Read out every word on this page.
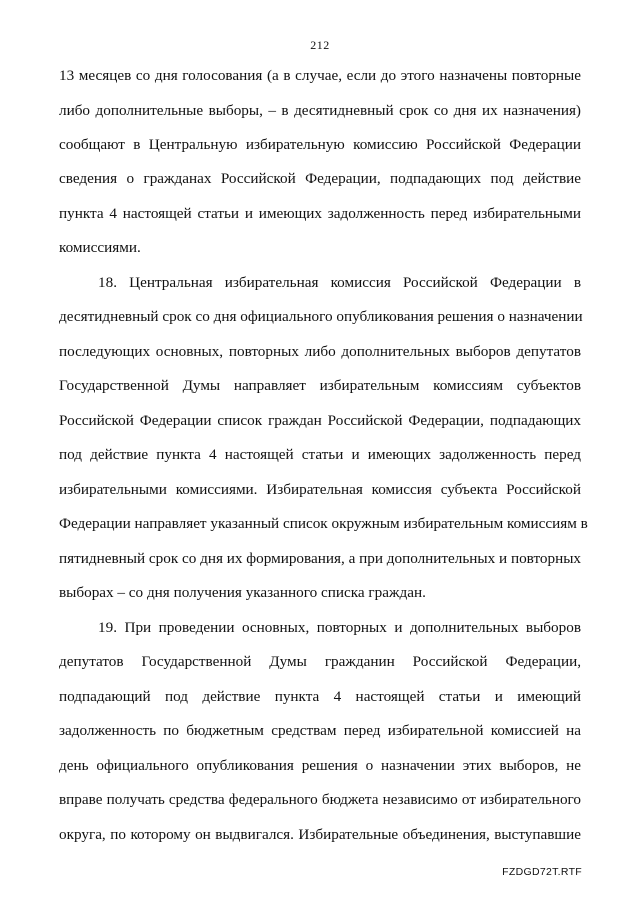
212
13 месяцев со дня голосования (а в случае, если до этого назначены повторные
либо дополнительные выборы, – в десятидневный срок со дня их назначения)
сообщают в Центральную избирательную комиссию Российской Федерации
сведения о гражданах Российской Федерации, подпадающих под действие
пункта 4 настоящей статьи и имеющих задолженность перед избирательными
комиссиями.
18. Центральная избирательная комиссия Российской Федерации в
десятидневный срок со дня официального опубликования решения о назначении
последующих основных, повторных либо дополнительных выборов депутатов
Государственной Думы направляет избирательным комиссиям субъектов
Российской Федерации список граждан Российской Федерации, подпадающих
под действие пункта 4 настоящей статьи и имеющих задолженность перед
избирательными комиссиями. Избирательная комиссия субъекта Российской
Федерации направляет указанный список окружным избирательным комиссиям в
пятидневный срок со дня их формирования, а при дополнительных и повторных
выборах – со дня получения указанного списка граждан.
19. При проведении основных, повторных и дополнительных выборов
депутатов Государственной Думы гражданин Российской Федерации,
подпадающий под действие пункта 4 настоящей статьи и имеющий
задолженность по бюджетным средствам перед избирательной комиссией на
день официального опубликования решения о назначении этих выборов, не
вправе получать средства федерального бюджета независимо от избирательного
округа, по которому он выдвигался. Избирательные объединения, выступавшие
FZDGD72T.RTF
